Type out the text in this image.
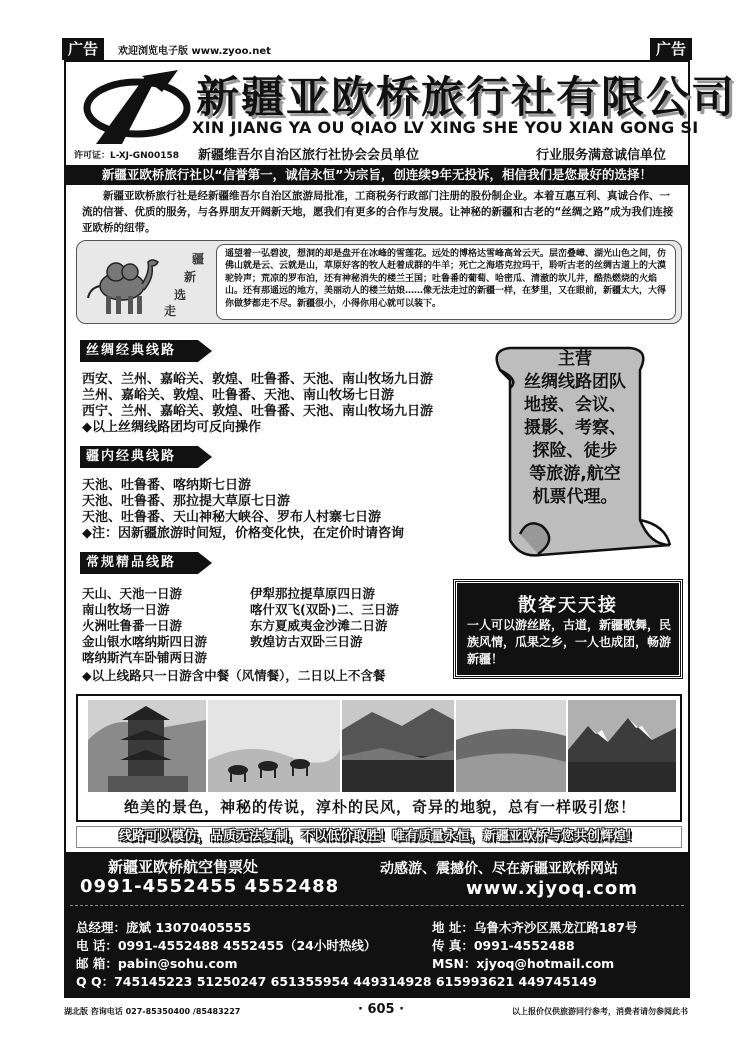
广告	欢迎浏览电子版 www.zyoo.net	广告
新疆亚欧桥旅行社有限公司
XIN JIANG YA OU QIAO LV XING SHE YOU XIAN GONG SI
许可证：L-XJ-GN00158 新疆维吾尔自治区旅行社协会会员单位	行业服务满意诚信单位
新疆亚欧桥旅行社以“信誉第一，诚信永恒”为宗旨，创连续9年无投诉，相信我们是您最好的选择！
新疆亚欧桥旅行社是经新疆维吾尔自治区旅游局批准，工商税务行政部门注册的股份制企业。本着互惠互利、真诚合作、一流的信誉、优质的服务，与各界朋友开阔新天地，愿我们有更多的合作与发展。让神秘的新疆和古老的“丝绸之路”成为我们连接亚欧桥的纽带。
疆
新
选
走
遥望着一弘碧波，想洞的却是盘开在冰峰的雪莲花。远处的博格达雪峰高耸云天。层峦叠嶂、湖光山色之间，仿佛山就是云、云就是山，草原好客的牧人赶着成群的牛羊；死亡之海塔克拉玛干，聆听古老的丝绸古道上的大漠驼铃声；荒凉的罗布泊，还有神秘消失的楼兰王国；吐鲁番的葡萄、哈密瓜、清澈的坎儿井，酷热燃烧的火焰山。还有那遥远的地方，美丽动人的楼兰姑娘……像无法走过的新疆一样，在梦里，又在眼前，新疆太大，大得你做梦都走不尽。新疆很小，小得你用心就可以装下。
丝绸经典线路
西安、兰州、嘉峪关、敦煌、吐鲁番、天池、南山牧场九日游
兰州、嘉峪关、敦煌、吐鲁番、天池、南山牧场七日游
西宁、兰州、嘉峪关、敦煌、吐鲁番、天池、南山牧场九日游
◆以上丝绸线路团均可反向操作
疆内经典线路
天池、吐鲁番、喀纳斯七日游
天池、吐鲁番、那拉提大草原七日游
天池、吐鲁番、天山神秘大峡谷、罗布人村寨七日游
◆注：因新疆旅游时间短，价格变化快，在定价时请咨询
主营
丝绸线路团队
地接、会议、
摄影、考察、
探险、徒步
等旅游,航空
机票代理。
常规精品线路
天山、天池一日游
南山牧场一日游
火洲吐鲁番一日游
金山银水喀纳斯四日游
喀纳斯汽车卧铺两日游
伊犁那拉提草原四日游
喀什双飞(双卧)二、三日游
东方夏威夷金沙滩二日游
敦煌访古双卧三日游
◆以上线路只一日游含中餐（风情餐），二日以上不含餐
散客天天接
一人可以游丝路，古道，新疆歌舞，民族风情，瓜果之乡，一人也成团，畅游新疆！
绝美的景色，神秘的传说，淳朴的民风，奇异的地貌，总有一样吸引您！
线路可以模仿，品质无法复制，不以低价取胜！唯有质量永恒，新疆亚欧桥与您共创辉煌！
新疆亚欧桥航空售票处
0991-4552455 4552488
动感游、震撼价、尽在新疆亚欧桥网站
www.xjyoq.com
总经理：庞斌 13070405555
电 话：0991-4552488 4552455（24小时热线）
邮 箱：pabin@sohu.com
Q Q：745145223 51250247 651355954 449314928 615993621 449745149
地 址：乌鲁木齐沙区黑龙江路187号
传 真：0991-4552488
MSN：xjyoq@hotmail.com
湖北版 咨询电话 027-85350400 /85483227	· 605 ·	以上报价仅供旅游同行参考，消费者请勿参阅此书
